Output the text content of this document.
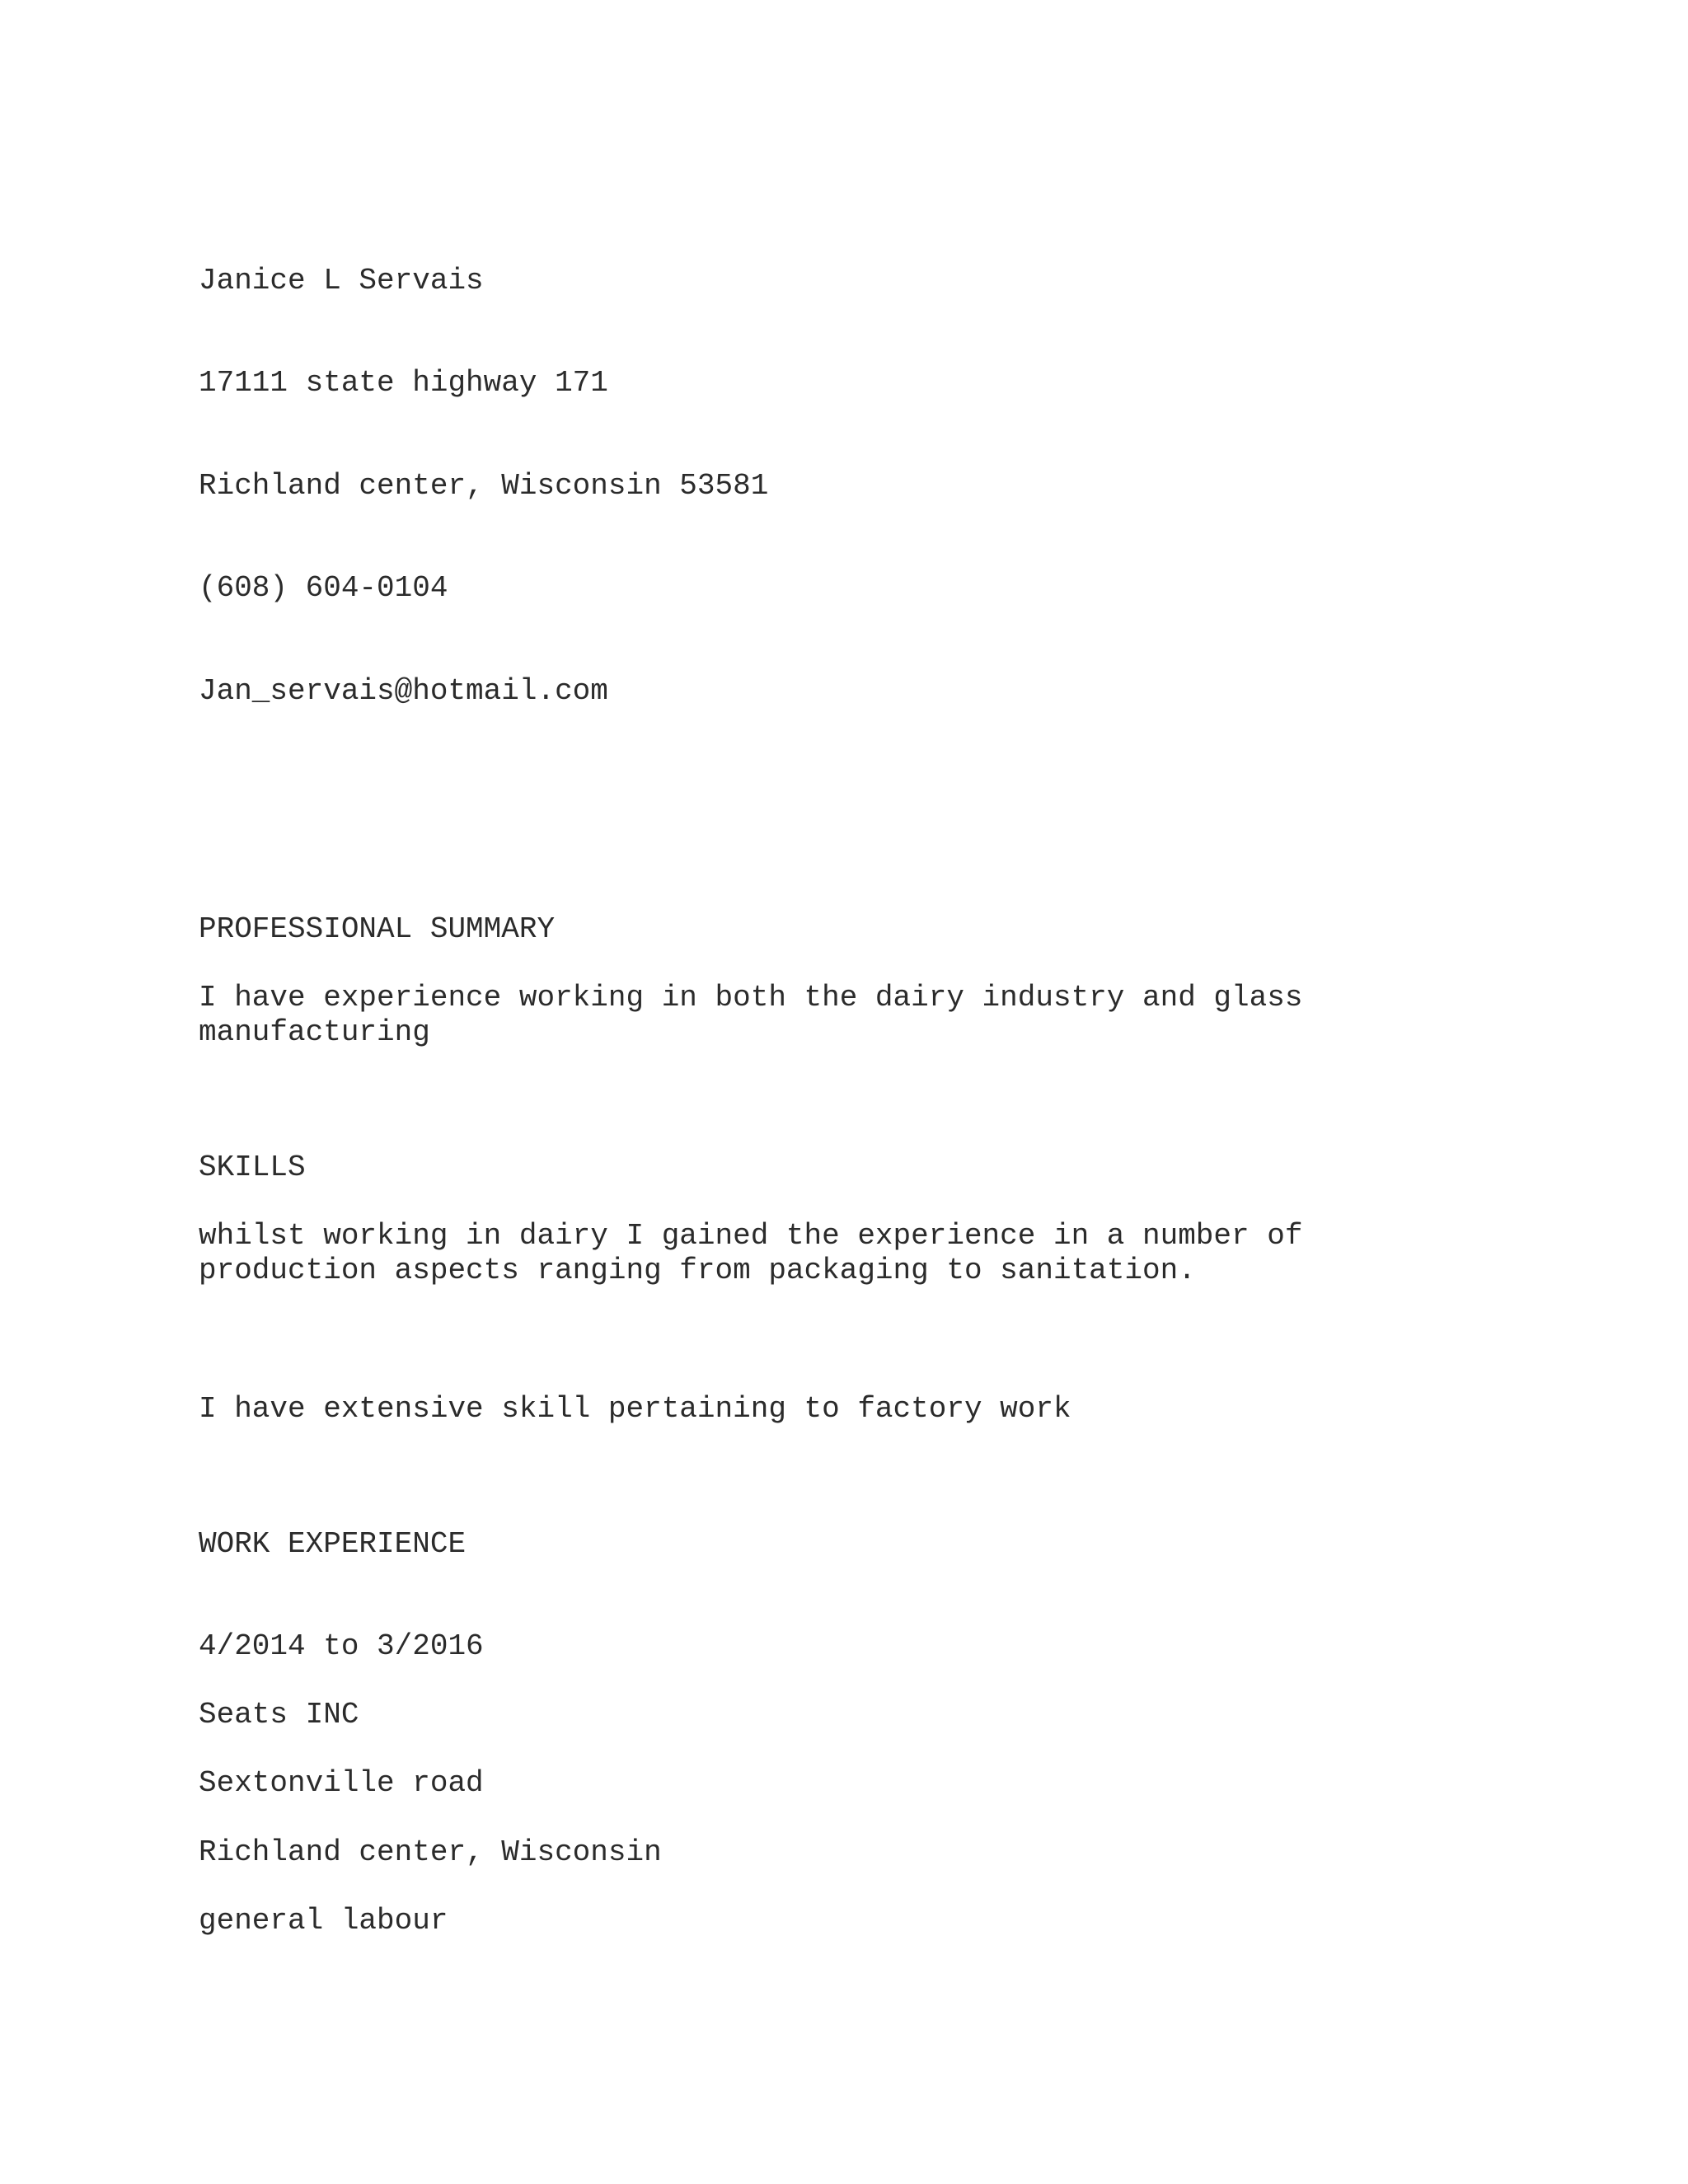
Janice L Servais

17111 state highway 171

Richland center, Wisconsin 53581

(608) 604-0104

Jan_servais@hotmail.com

PROFESSIONAL SUMMARY

I have experience working in both the dairy industry and glass

manufacturing

SKILLS

whilst working in dairy I gained the experience in a number of

production aspects ranging from packaging to sanitation.

I have extensive skill pertaining to factory work

WORK EXPERIENCE

4/2014 to 3/2016

Seats INC

Sextonville road

Richland center, Wisconsin

general labour
